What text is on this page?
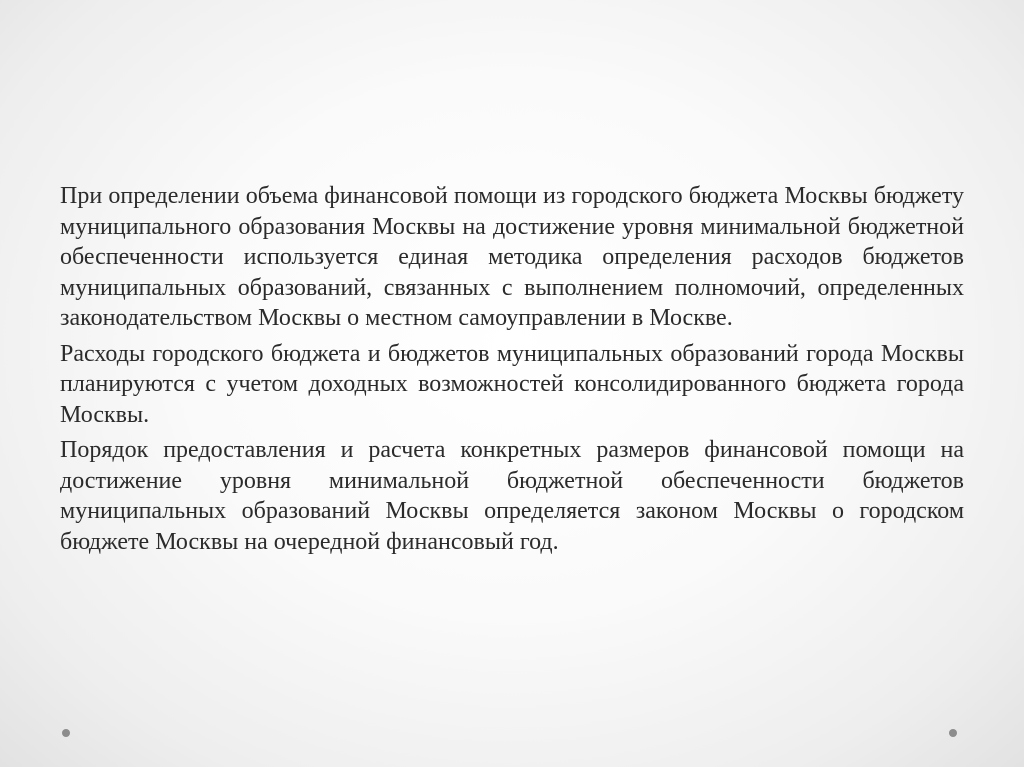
При определении объема финансовой помощи из городского бюджета Москвы бюджету муниципального образования Москвы на достижение уровня минимальной бюджетной обеспеченности используется единая методика определения расходов бюджетов муниципальных образований, связанных с выполнением полномочий, определенных законодательством Москвы о местном самоуправлении в Москве.

Расходы городского бюджета и бюджетов муниципальных образований города Москвы планируются с учетом доходных возможностей консолидированного бюджета города Москвы.

Порядок предоставления и расчета конкретных размеров финансовой помощи на достижение уровня минимальной бюджетной обеспеченности бюджетов муниципальных образований Москвы определяется законом Москвы о городском бюджете Москвы на очередной финансовый год.
